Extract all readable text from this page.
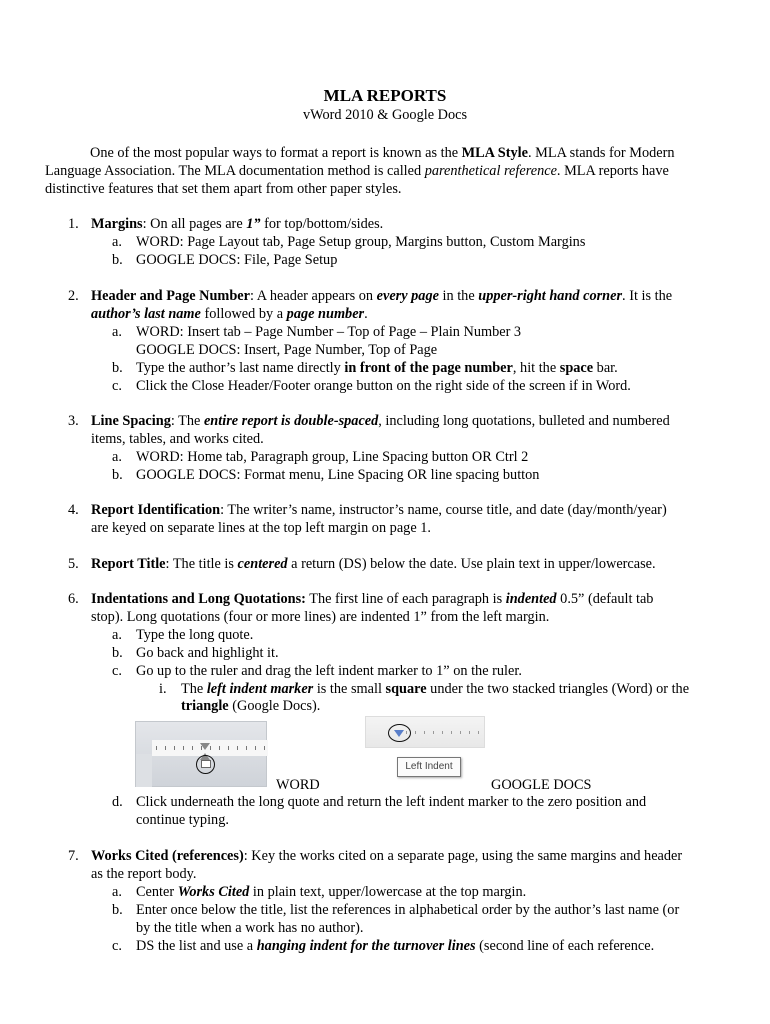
MLA REPORTS
vWord 2010 & Google Docs

One of the most popular ways to format a report is known as the MLA Style. MLA stands for Modern
Language Association. The MLA documentation method is called parenthetical reference. MLA reports have
distinctive features that set them apart from other paper styles.

1. Margins: On all pages are 1” for top/bottom/sides.
a. WORD: Page Layout tab, Page Setup group, Margins button, Custom Margins
b. GOOGLE DOCS: File, Page Setup
2. Header and Page Number: A header appears on every page in the upper-right hand corner. It is the
author’s last name followed by a page number.
a. WORD: Insert tab – Page Number – Top of Page – Plain Number 3
GOOGLE DOCS: Insert, Page Number, Top of Page
b. Type the author’s last name directly in front of the page number, hit the space bar.
c. Click the Close Header/Footer orange button on the right side of the screen if in Word.
3. Line Spacing: The entire report is double-spaced, including long quotations, bulleted and numbered
items, tables, and works cited.
a. WORD: Home tab, Paragraph group, Line Spacing button OR Ctrl 2
b. GOOGLE DOCS: Format menu, Line Spacing OR line spacing button
4. Report Identification: The writer’s name, instructor’s name, course title, and date (day/month/year)
are keyed on separate lines at the top left margin on page 1.
5. Report Title: The title is centered a return (DS) below the date. Use plain text in upper/lowercase.
6. Indentations and Long Quotations: The first line of each paragraph is indented 0.5” (default tab
stop). Long quotations (four or more lines) are indented 1” from the left margin.
a. Type the long quote.
b. Go back and highlight it.
c. Go up to the ruler and drag the left indent marker to 1” on the ruler.
i. The left indent marker is the small square under the two stacked triangles (Word) or the
triangle (Google Docs).
Left Indent
WORD	GOOGLE DOCS
d. Click underneath the long quote and return the left indent marker to the zero position and
continue typing.
7. Works Cited (references): Key the works cited on a separate page, using the same margins and header
as the report body.
a. Center Works Cited in plain text, upper/lowercase at the top margin.
b. Enter once below the title, list the references in alphabetical order by the author’s last name (or
by the title when a work has no author).
c. DS the list and use a hanging indent for the turnover lines (second line of each reference.
